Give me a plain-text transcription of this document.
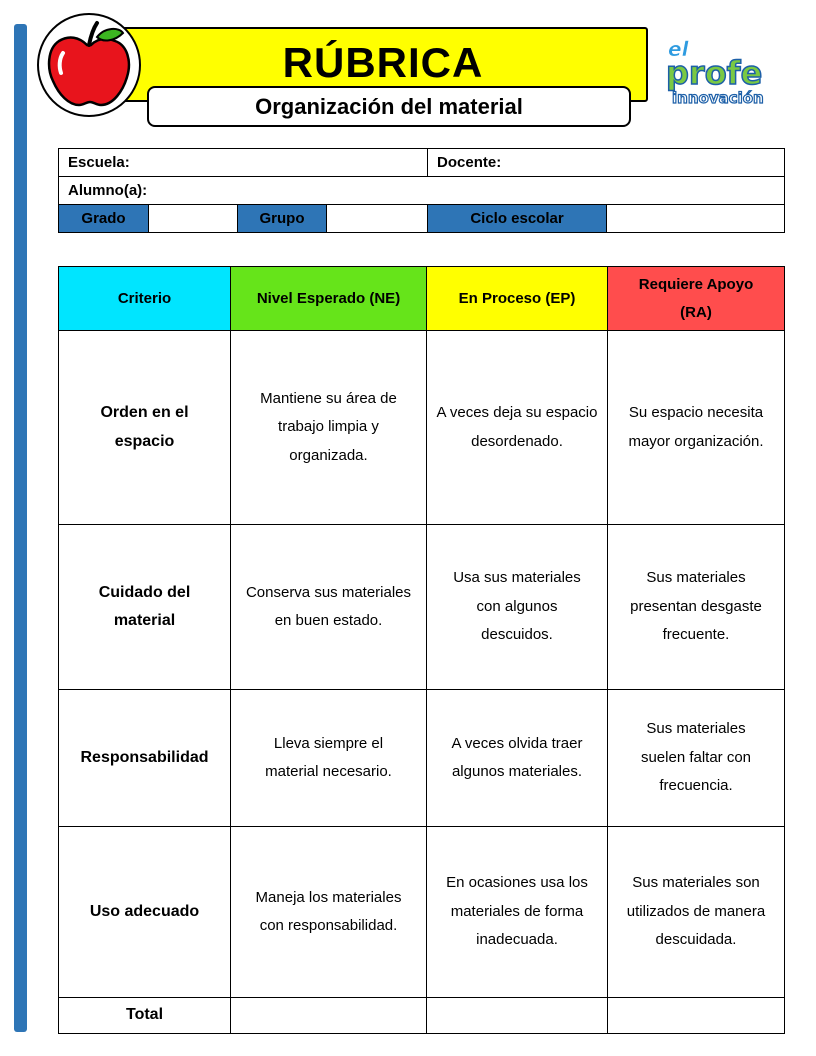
RÚBRICA
Organización del material
el
profe
innovación
Escuela:				Docente:	
Alumno(a):					
Grado		Grupo		Ciclo escolar	
Criterio	Nivel Esperado (NE)	En Proceso (EP)	Requiere Apoyo (RA)
Orden en el espacio	Mantiene su área de trabajo limpia y organizada.	A veces deja su espacio desordenado.	Su espacio necesita mayor organización.
Cuidado del material	Conserva sus materiales en buen estado.	Usa sus materiales con algunos descuidos.	Sus materiales presentan desgaste frecuente.
Responsabilidad	Lleva siempre el material necesario.	A veces olvida traer algunos materiales.	Sus materiales suelen faltar con frecuencia.
Uso adecuado	Maneja los materiales con responsabilidad.	En ocasiones usa los materiales de forma inadecuada.	Sus materiales son utilizados de manera descuidada.
Total			
